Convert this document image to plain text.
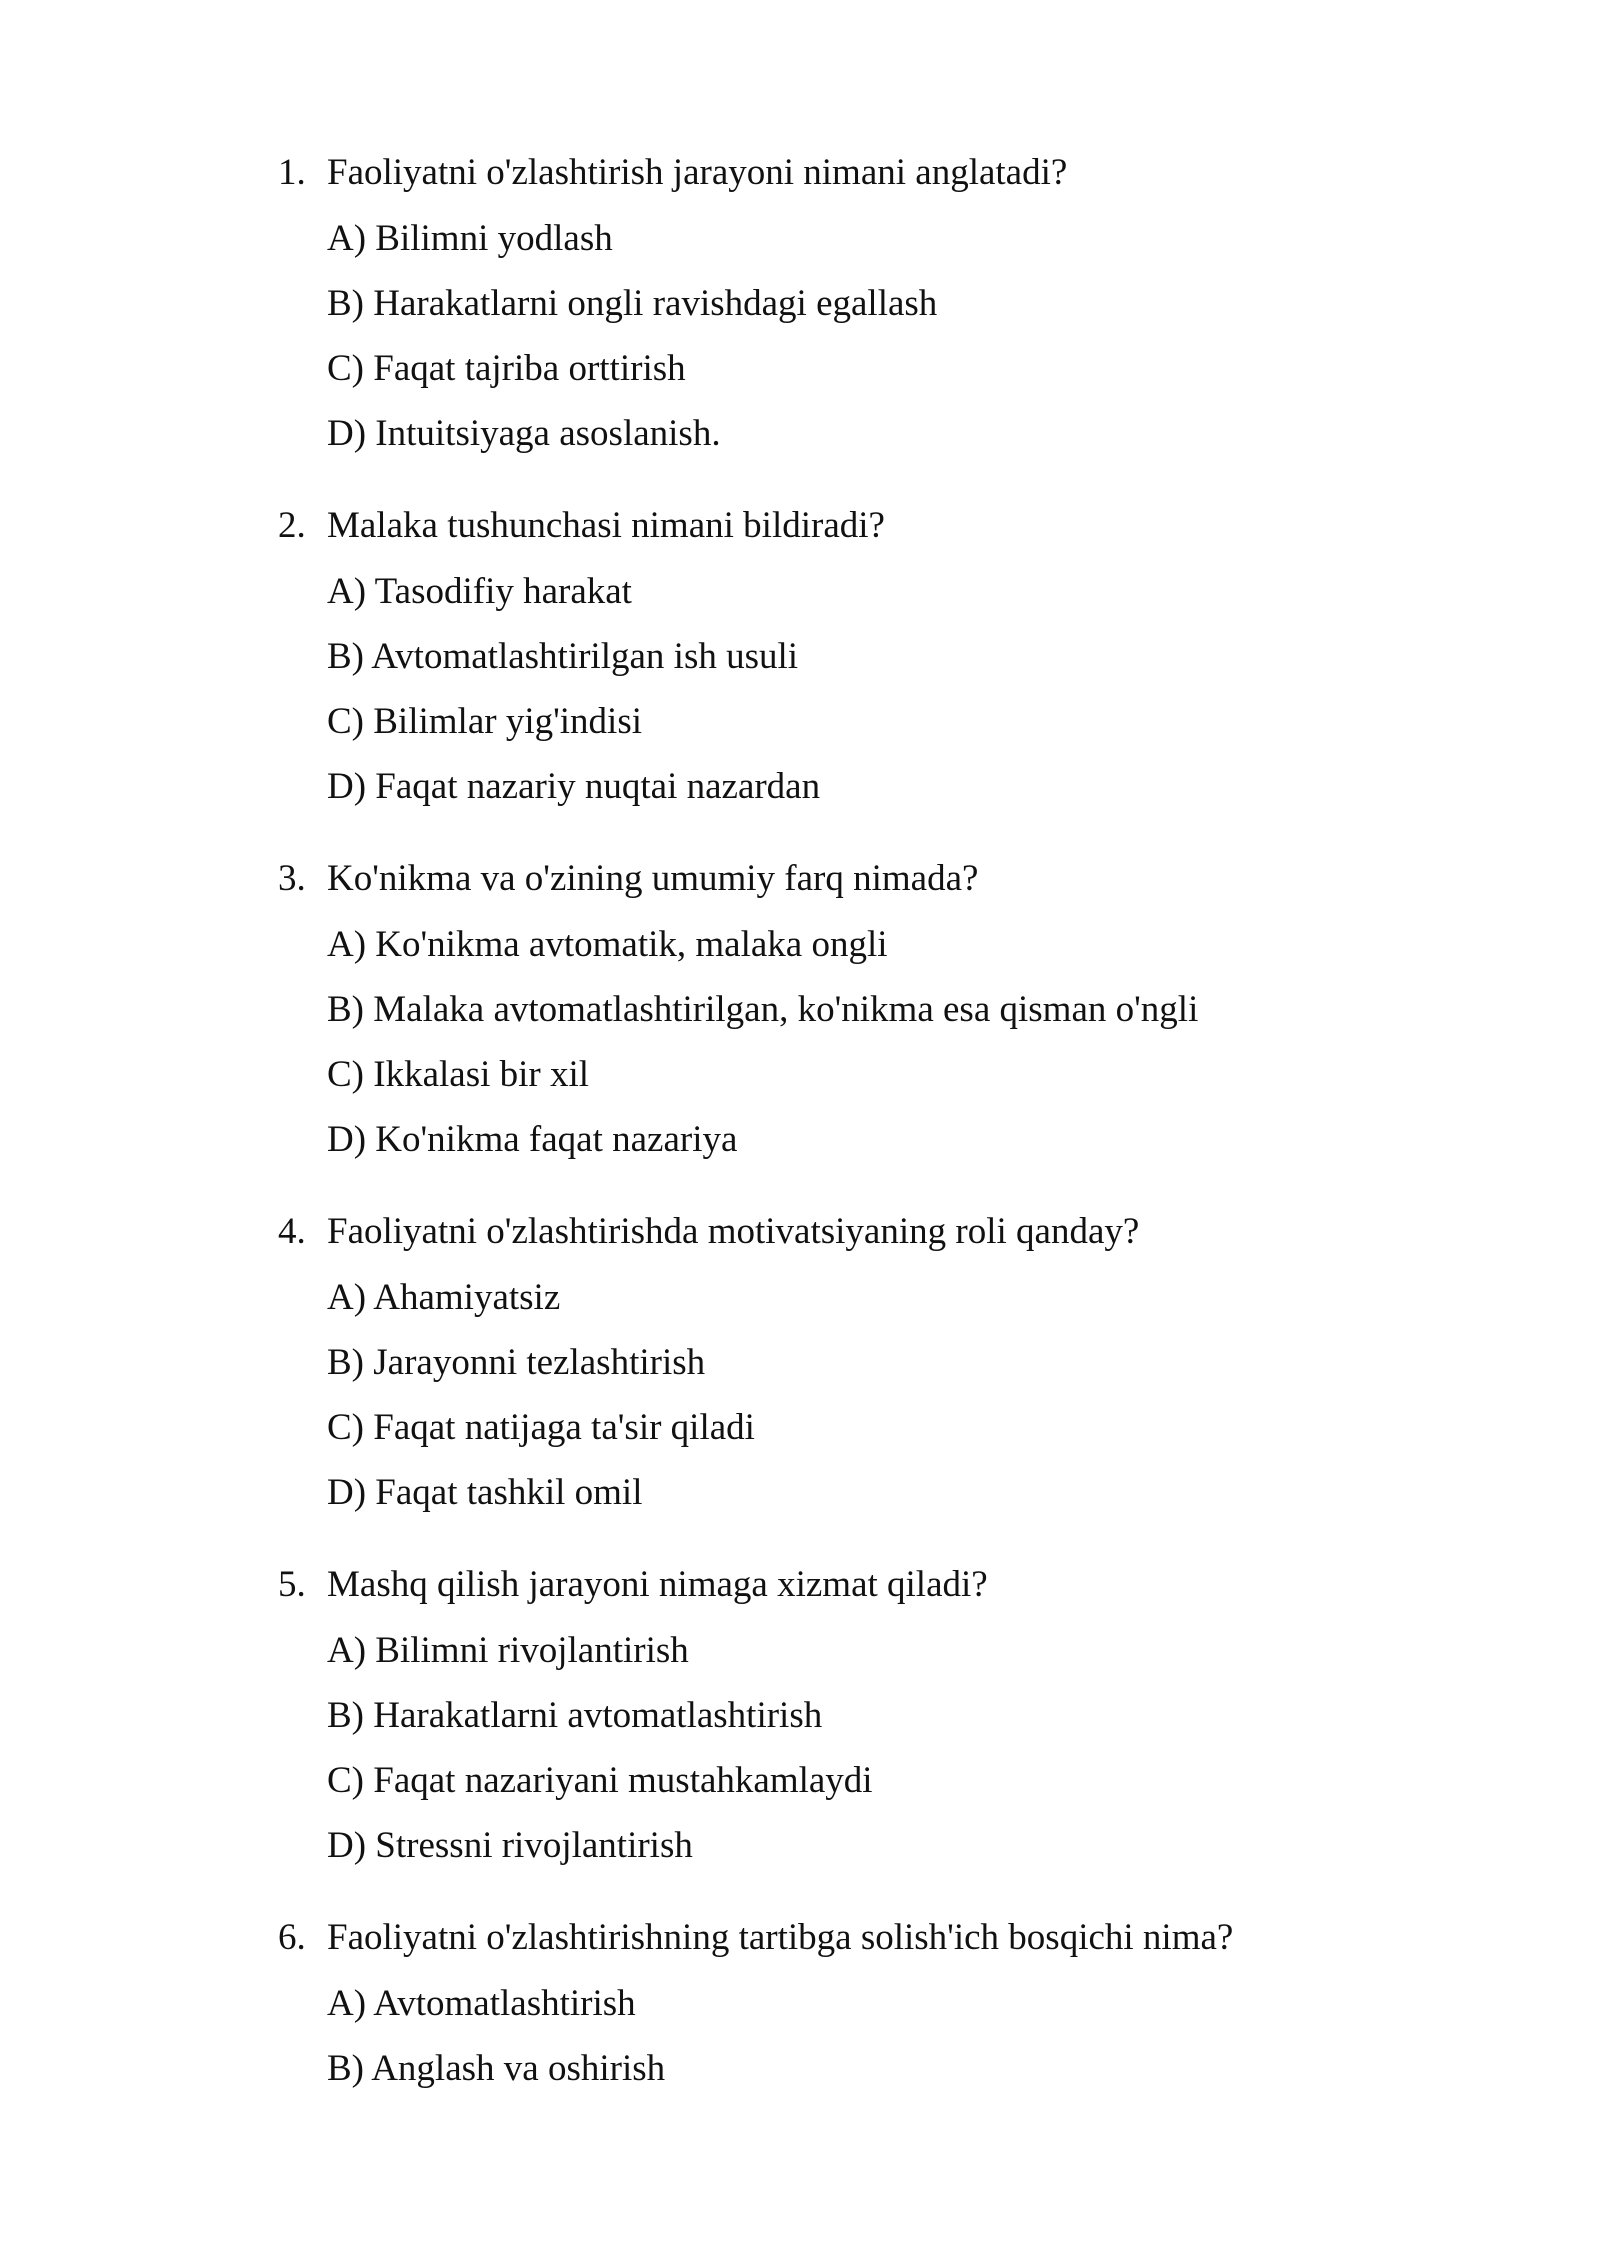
1. Faoliyatni o'zlashtirish jarayoni nimani anglatadi?
A) Bilimni yodlash
B) Harakatlarni ongli ravishdagi egallash
C) Faqat tajriba orttirish
D) Intuitsiyaga asoslanish.
2. Malaka tushunchasi nimani bildiradi?
A) Tasodifiy harakat
B) Avtomatlashtirilgan ish usuli
C) Bilimlar yig'indisi
D) Faqat nazariy nuqtai nazardan
3. Ko'nikma va o'zining umumiy farq nimada?
A) Ko'nikma avtomatik, malaka ongli
B) Malaka avtomatlashtirilgan, ko'nikma esa qisman o'ngli
C) Ikkalasi bir xil
D) Ko'nikma faqat nazariya
4. Faoliyatni o'zlashtirishda motivatsiyaning roli qanday?
A) Ahamiyatsiz
B) Jarayonni tezlashtirish
C) Faqat natijaga ta'sir qiladi
D) Faqat tashkil omil
5. Mashq qilish jarayoni nimaga xizmat qiladi?
A) Bilimni rivojlantirish
B) Harakatlarni avtomatlashtirish
C) Faqat nazariyani mustahkamlaydi
D) Stressni rivojlantirish
6. Faoliyatni o'zlashtirishning tartibga solish'ich bosqichi nima?
A) Avtomatlashtirish
B) Anglash va oshirish
